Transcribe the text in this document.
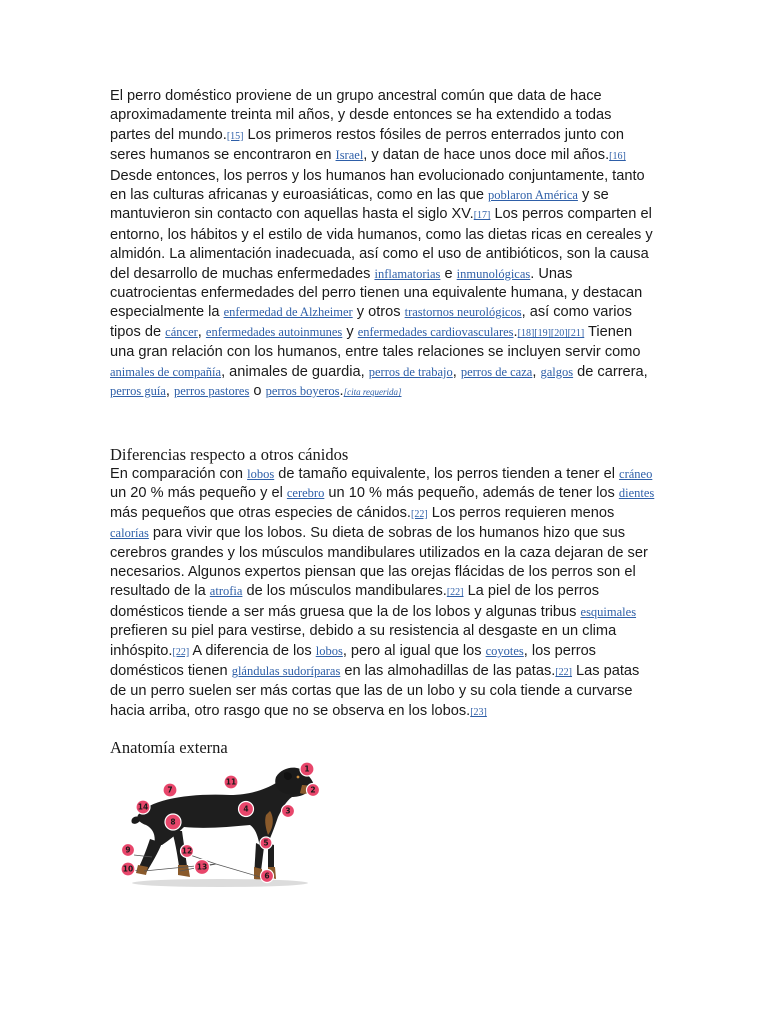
El perro doméstico proviene de un grupo ancestral común que data de hace aproximadamente treinta mil años, y desde entonces se ha extendido a todas partes del mundo.[15] Los primeros restos fósiles de perros enterrados junto con seres humanos se encontraron en Israel, y datan de hace unos doce mil años.[16] Desde entonces, los perros y los humanos han evolucionado conjuntamente, tanto en las culturas africanas y euroasiáticas, como en las que poblaron América y se mantuvieron sin contacto con aquellas hasta el siglo XV.[17] Los perros comparten el entorno, los hábitos y el estilo de vida humanos, como las dietas ricas en cereales y almidón. La alimentación inadecuada, así como el uso de antibióticos, son la causa del desarrollo de muchas enfermedades inflamatorias e inmunológicas. Unas cuatrocientas enfermedades del perro tienen una equivalente humana, y destacan especialmente la enfermedad de Alzheimer y otros trastornos neurológicos, así como varios tipos de cáncer, enfermedades autoinmunes y enfermedades cardiovasculares.[18][19][20][21] Tienen una gran relación con los humanos, entre tales relaciones se incluyen servir como animales de compañía, animales de guardia, perros de trabajo, perros de caza, galgos de carrera, perros guía, perros pastores o perros boyeros.[cita requerida]

Diferencias respecto a otros cánidos

En comparación con lobos de tamaño equivalente, los perros tienden a tener el cráneo un 20 % más pequeño y el cerebro un 10 % más pequeño, además de tener los dientes más pequeños que otras especies de cánidos.[22] Los perros requieren menos calorías para vivir que los lobos. Su dieta de sobras de los humanos hizo que sus cerebros grandes y los músculos mandibulares utilizados en la caza dejaran de ser necesarios. Algunos expertos piensan que las orejas flácidas de los perros son el resultado de la atrofia de los músculos mandibulares.[22] La piel de los perros domésticos tiende a ser más gruesa que la de los lobos y algunas tribus esquimales prefieren su piel para vestirse, debido a su resistencia al desgaste en un clima inhóspito.[22] A diferencia de los lobos, pero al igual que los coyotes, los perros domésticos tienen glándulas sudoríparas en las almohadillas de las patas.[22] Las patas de un perro suelen ser más cortas que las de un lobo y su cola tiende a curvarse hacia arriba, otro rasgo que no se observa en los lobos.[23]

Anatomía externa
1
2
3
4
5
6
7
8
9
10
11
12
13
14
